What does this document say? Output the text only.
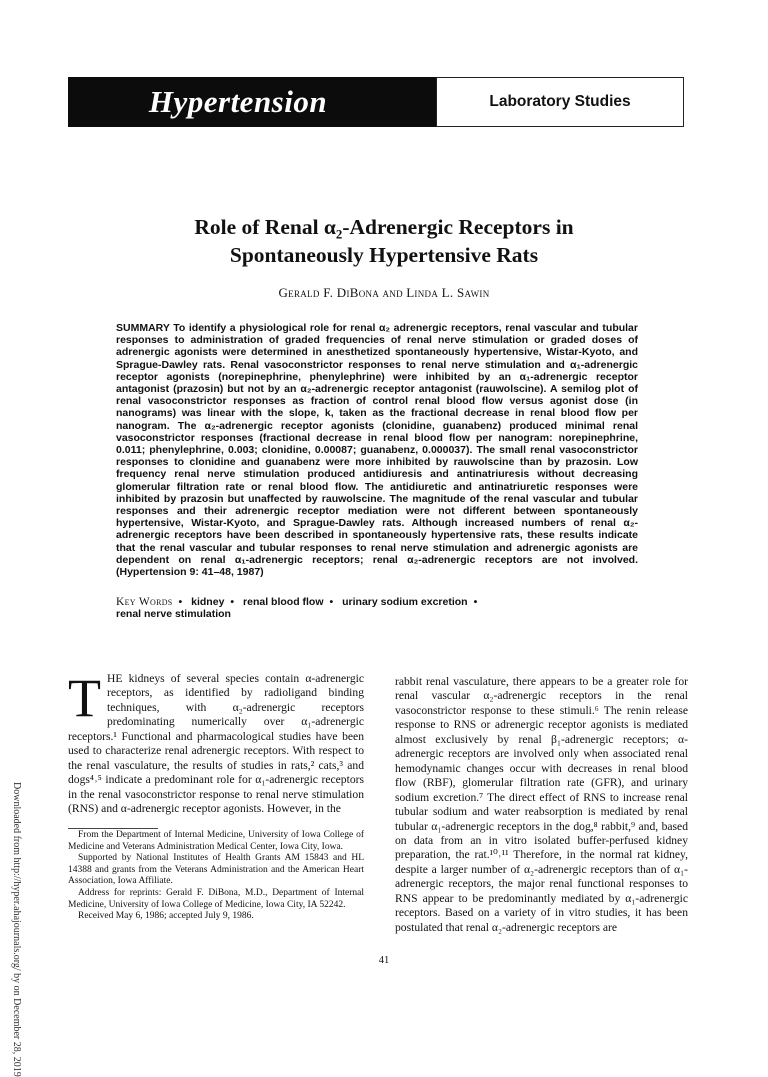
Hypertension	Laboratory Studies
Role of Renal α₂-Adrenergic Receptors in
Spontaneously Hypertensive Rats
Gerald F. DiBona and Linda L. Sawin
SUMMARY To identify a physiological role for renal α₂ adrenergic receptors, renal vascular and tubular responses to administration of graded frequencies of renal nerve stimulation or graded doses of adrenergic agonists were determined in anesthetized spontaneously hypertensive, Wistar-Kyoto, and Sprague-Dawley rats. Renal vasoconstrictor responses to renal nerve stimulation and α₁-adrenergic receptor agonists (norepinephrine, phenylephrine) were inhibited by an α₁-adrenergic receptor antagonist (prazosin) but not by an α₂-adrenergic receptor antagonist (rauwolscine). A semilog plot of renal vasoconstrictor responses as fraction of control renal blood flow versus agonist dose (in nanograms) was linear with the slope, k, taken as the fractional decrease in renal blood flow per nanogram. The α₂-adrenergic receptor agonists (clonidine, guanabenz) produced minimal renal vasoconstrictor responses (fractional decrease in renal blood flow per nanogram: norepinephrine, 0.011; phenylephrine, 0.003; clonidine, 0.00087; guanabenz, 0.000037). The small renal vasoconstrictor responses to clonidine and guanabenz were more inhibited by rauwolscine than by prazosin. Low frequency renal nerve stimulation produced antidiuresis and antinatriuresis without decreasing glomerular filtration rate or renal blood flow. The antidiuretic and antinatriuretic responses were inhibited by prazosin but unaffected by rauwolscine. The magnitude of the renal vascular and tubular responses and their adrenergic receptor mediation were not different between spontaneously hypertensive, Wistar-Kyoto, and Sprague-Dawley rats. Although increased numbers of renal α₂-adrenergic receptors have been described in spontaneously hypertensive rats, these results indicate that the renal vascular and tubular responses to renal nerve stimulation and adrenergic agonists are dependent on renal α₁-adrenergic receptors; renal α₂-adrenergic receptors are not involved. (Hypertension 9: 41–48, 1987)
Key Words • kidney • renal blood flow • urinary sodium excretion •
renal nerve stimulation
Downloaded from http://hyper.ahajournals.org/ by on December 28, 2019
T HE kidneys of several species contain α-adrenergic receptors, as identified by radioligand binding techniques, with α₂-adrenergic receptors predominating numerically over α₁-adrenergic receptors.¹ Functional and pharmacological studies have been used to characterize renal adrenergic receptors. With respect to the renal vasculature, the results of studies in rats,² cats,³ and dogs⁴˒⁵ indicate a predominant role for α₁-adrenergic receptors in the renal vasoconstrictor response to renal nerve stimulation (RNS) and α-adrenergic receptor agonists. However, in the
rabbit renal vasculature, there appears to be a greater role for renal vascular α₂-adrenergic receptors in the renal vasoconstrictor response to these stimuli.⁶ The renin release response to RNS or adrenergic receptor agonists is mediated almost exclusively by renal β₁-adrenergic receptors; α-adrenergic receptors are involved only when associated renal hemodynamic changes occur with decreases in renal blood flow (RBF), glomerular filtration rate (GFR), and urinary sodium excretion.⁷ The direct effect of RNS to increase renal tubular sodium and water reabsorption is mediated by renal tubular α₁-adrenergic receptors in the dog,⁸ rabbit,⁹ and, based on data from an in vitro isolated buffer-perfused kidney preparation, the rat.¹⁰˒¹¹ Therefore, in the normal rat kidney, despite a larger number of α₂-adrenergic receptors than of α₁-adrenergic receptors, the major renal functional responses to RNS appear to be predominantly mediated by α₁-adrenergic receptors. Based on a variety of in vitro studies, it has been postulated that renal α₂-adrenergic receptors are

From the Department of Internal Medicine, University of Iowa College of Medicine and Veterans Administration Medical Center, Iowa City, Iowa.

Supported by National Institutes of Health Grants AM 15843 and HL 14388 and grants from the Veterans Administration and the American Heart Association, Iowa Affiliate.

Address for reprints: Gerald F. DiBona, M.D., Department of Internal Medicine, University of Iowa College of Medicine, Iowa City, IA 52242.

Received May 6, 1986; accepted July 9, 1986.

41
